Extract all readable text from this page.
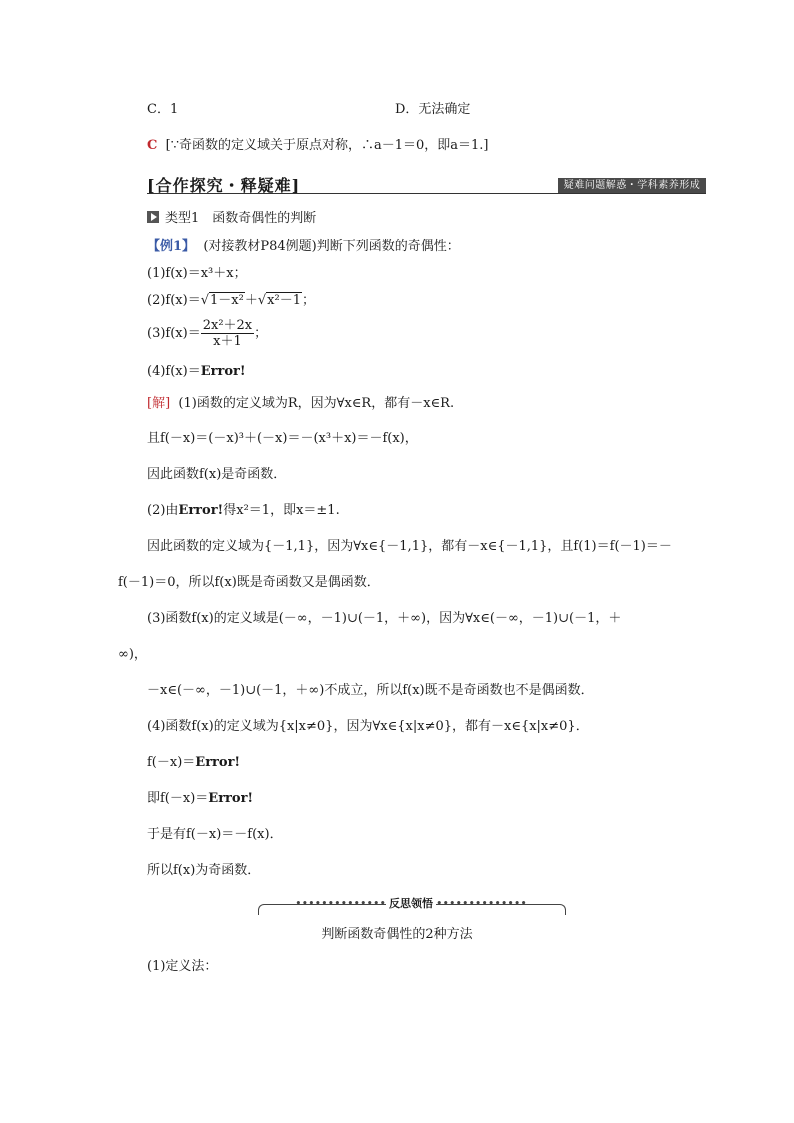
C．1	D．无法确定
C [∵奇函数的定义域关于原点对称，∴a－1＝0，即a＝1.]
[合作探究・释疑难]	疑难问题解惑・学科素养形成
类型1　函数奇偶性的判断
【例1】 (对接教材P84例题)判断下列函数的奇偶性：
(1)f(x)＝x³＋x；
(2)f(x)＝√1－x²＋√x²－1；
$(3)f(x)= \frac{\text{2x²＋2x}}{x+1}$ ；
(4)f(x)＝Error!
[解] (1)函数的定义域为R，因为∀x∈R，都有－x∈R.
且f(－x)＝(－x)³＋(－x)＝－(x³＋x)＝－f(x)，
因此函数f(x)是奇函数．
(2)由Error!得x²＝1，即x＝±1.
因此函数的定义域为{－1,1}，因为∀x∈{－1,1}，都有－x∈{－1,1}，且f(1)＝f(－1)＝－
f(－1)＝0，所以f(x)既是奇函数又是偶函数．
(3)函数f(x)的定义域是(－∞，－1)∪(－1，＋∞)，因为∀x∈(－∞，－1)∪(－1，＋
∞)，
－x∈(－∞，－1)∪(－1，＋∞)不成立，所以f(x)既不是奇函数也不是偶函数．
(4)函数f(x)的定义域为{x|x≠0}，因为∀x∈{x|x≠0}，都有－x∈{x|x≠0}．
f(－x)＝Error!
即f(－x)＝Error!
于是有f(－x)＝－f(x)．
所以f(x)为奇函数．
•••••••••••••• 反思领悟 ••••••••••••••
判断函数奇偶性的2种方法
(1)定义法：
